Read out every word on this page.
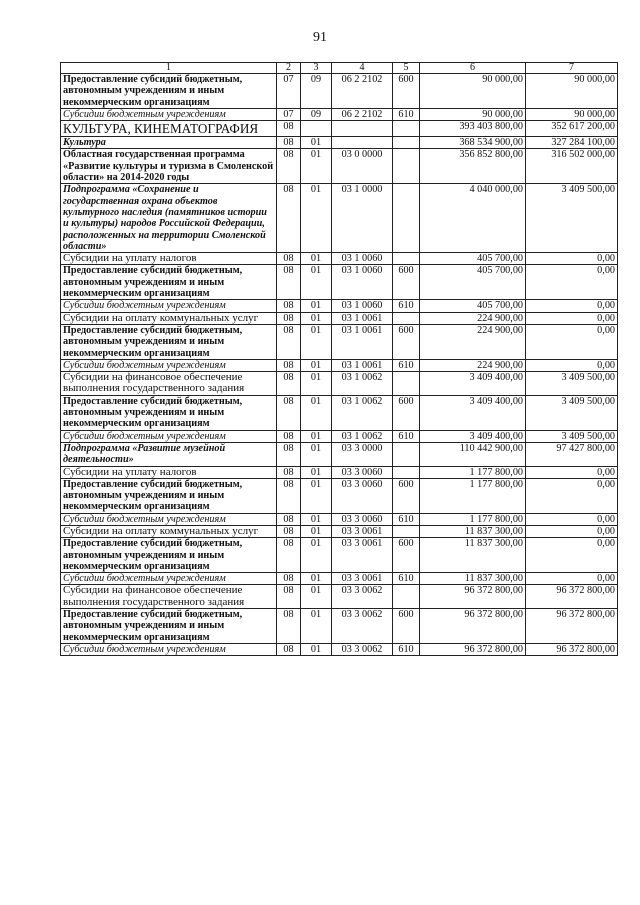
91
1	2	3	4	5	6	7
Предоставление субсидий бюджетным, автономным учреждениям и иным некоммерческим организациям	07	09	06 2 2102	600	90 000,00	90 000,00
Субсидии бюджетным учреждениям	07	09	06 2 2102	610	90 000,00	90 000,00
КУЛЬТУРА, КИНЕМАТОГРАФИЯ	08				393 403 800,00	352 617 200,00
Культура	08	01			368 534 900,00	327 284 100,00
Областная государственная программа «Развитие культуры и туризма в Смоленской области» на 2014-2020 годы	08	01	03 0 0000		356 852 800,00	316 502 000,00
Подпрограмма «Сохранение и государственная охрана объектов культурного наследия (памятников истории и культуры) народов Российской Федерации, расположенных на территории Смоленской области»	08	01	03 1 0000		4 040 000,00	3 409 500,00
Субсидии на уплату налогов	08	01	03 1 0060		405 700,00	0,00
Предоставление субсидий бюджетным, автономным учреждениям и иным некоммерческим организациям	08	01	03 1 0060	600	405 700,00	0,00
Субсидии бюджетным учреждениям	08	01	03 1 0060	610	405 700,00	0,00
Субсидии на оплату коммунальных услуг	08	01	03 1 0061		224 900,00	0,00
Предоставление субсидий бюджетным, автономным учреждениям и иным некоммерческим организациям	08	01	03 1 0061	600	224 900,00	0,00
Субсидии бюджетным учреждениям	08	01	03 1 0061	610	224 900,00	0,00
Субсидии на финансовое обеспечение выполнения государственного задания	08	01	03 1 0062		3 409 400,00	3 409 500,00
Предоставление субсидий бюджетным, автономным учреждениям и иным некоммерческим организациям	08	01	03 1 0062	600	3 409 400,00	3 409 500,00
Субсидии бюджетным учреждениям	08	01	03 1 0062	610	3 409 400,00	3 409 500,00
Подпрограмма «Развитие музейной деятельности»	08	01	03 3 0000		110 442 900,00	97 427 800,00
Субсидии на уплату налогов	08	01	03 3 0060		1 177 800,00	0,00
Предоставление субсидий бюджетным, автономным учреждениям и иным некоммерческим организациям	08	01	03 3 0060	600	1 177 800,00	0,00
Субсидии бюджетным учреждениям	08	01	03 3 0060	610	1 177 800,00	0,00
Субсидии на оплату коммунальных услуг	08	01	03 3 0061		11 837 300,00	0,00
Предоставление субсидий бюджетным, автономным учреждениям и иным некоммерческим организациям	08	01	03 3 0061	600	11 837 300,00	0,00
Субсидии бюджетным учреждениям	08	01	03 3 0061	610	11 837 300,00	0,00
Субсидии на финансовое обеспечение выполнения государственного задания	08	01	03 3 0062		96 372 800,00	96 372 800,00
Предоставление субсидий бюджетным, автономным учреждениям и иным некоммерческим организациям	08	01	03 3 0062	600	96 372 800,00	96 372 800,00
Субсидии бюджетным учреждениям	08	01	03 3 0062	610	96 372 800,00	96 372 800,00
